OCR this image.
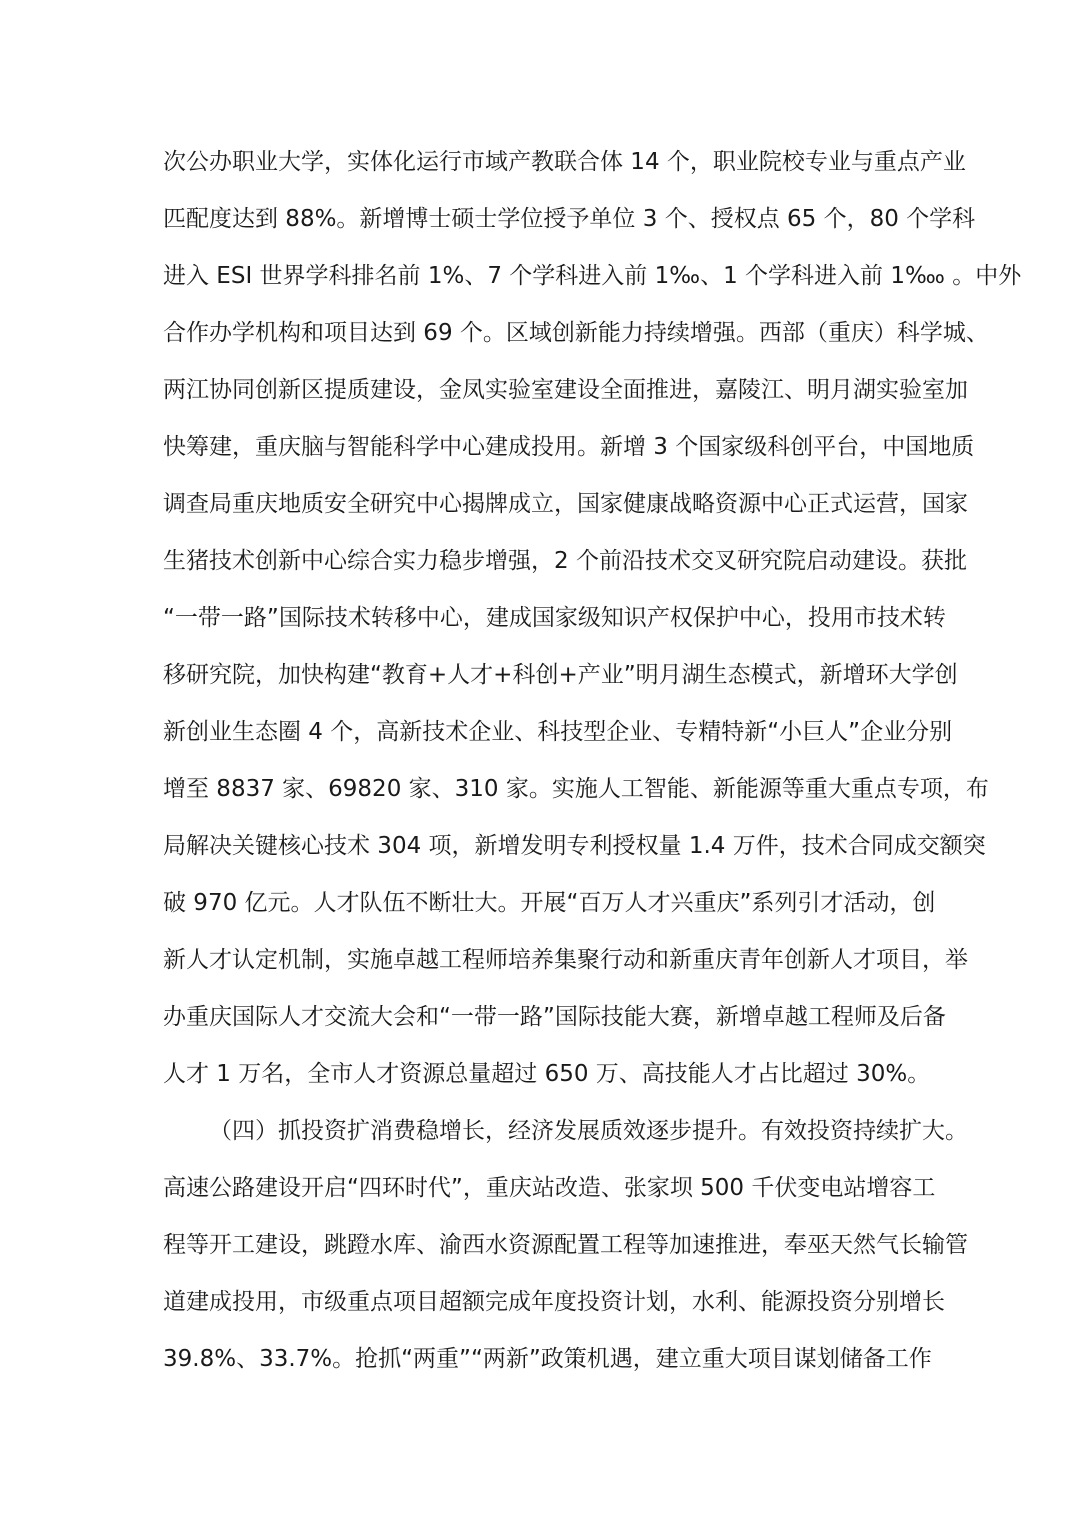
次公办职业大学，实体化运行市域产教联合体 14 个，职业院校专业与重点产业
匹配度达到 88%。新增博士硕士学位授予单位 3 个、授权点 65 个，80 个学科
进入 ESI 世界学科排名前 1%、7 个学科进入前 1‰、1 个学科进入前 1‱ 。中外
合作办学机构和项目达到 69 个。区域创新能力持续增强。西部（重庆）科学城、
两江协同创新区提质建设，金凤实验室建设全面推进，嘉陵江、明月湖实验室加
快筹建，重庆脑与智能科学中心建成投用。新增 3 个国家级科创平台，中国地质
调查局重庆地质安全研究中心揭牌成立，国家健康战略资源中心正式运营，国家
生猪技术创新中心综合实力稳步增强，2 个前沿技术交叉研究院启动建设。获批
“一带一路”国际技术转移中心，建成国家级知识产权保护中心，投用市技术转
移研究院，加快构建“教育+人才+科创+产业”明月湖生态模式，新增环大学创
新创业生态圈 4 个，高新技术企业、科技型企业、专精特新“小巨人”企业分别
增至 8837 家、69820 家、310 家。实施人工智能、新能源等重大重点专项，布
局解决关键核心技术 304 项，新增发明专利授权量 1.4 万件，技术合同成交额突
破 970 亿元。人才队伍不断壮大。开展“百万人才兴重庆”系列引才活动，创
新人才认定机制，实施卓越工程师培养集聚行动和新重庆青年创新人才项目，举
办重庆国际人才交流大会和“一带一路”国际技能大赛，新增卓越工程师及后备
人才 1 万名，全市人才资源总量超过 650 万、高技能人才占比超过 30%。
（四）抓投资扩消费稳增长，经济发展质效逐步提升。有效投资持续扩大。
高速公路建设开启“四环时代”，重庆站改造、张家坝 500 千伏变电站增容工
程等开工建设，跳蹬水库、渝西水资源配置工程等加速推进，奉巫天然气长输管
道建成投用，市级重点项目超额完成年度投资计划，水利、能源投资分别增长
39.8%、33.7%。抢抓“两重”“两新”政策机遇，建立重大项目谋划储备工作
